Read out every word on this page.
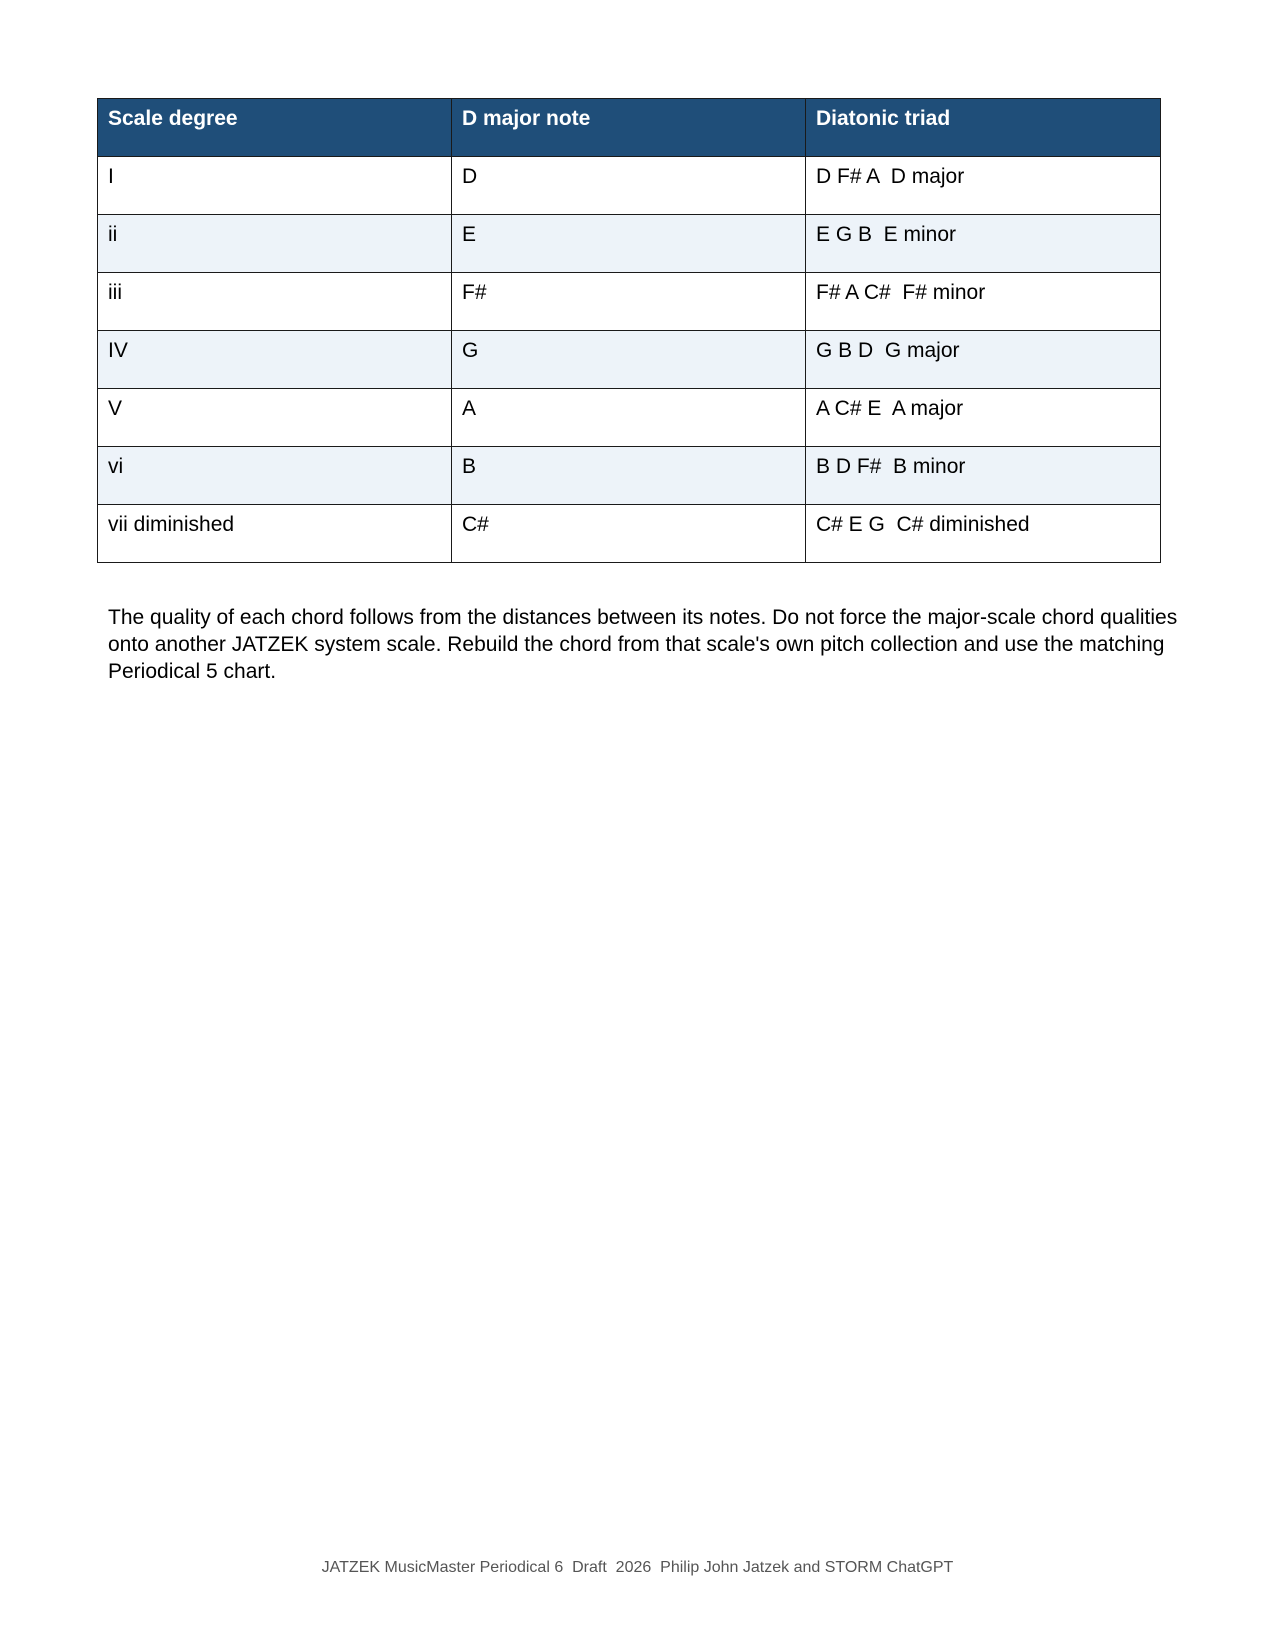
Scale degree	D major note	Diatonic triad
I	D	D F# A  D major
ii	E	E G B  E minor
iii	F#	F# A C#  F# minor
IV	G	G B D  G major
V	A	A C# E  A major
vi	B	B D F#  B minor
vii diminished	C#	C# E G  C# diminished

The quality of each chord follows from the distances between its notes. Do not force the major-scale chord qualities onto another JATZEK system scale. Rebuild the chord from that scale's own pitch collection and use the matching Periodical 5 chart.

JATZEK MusicMaster Periodical 6  Draft  2026  Philip John Jatzek and STORM ChatGPT
